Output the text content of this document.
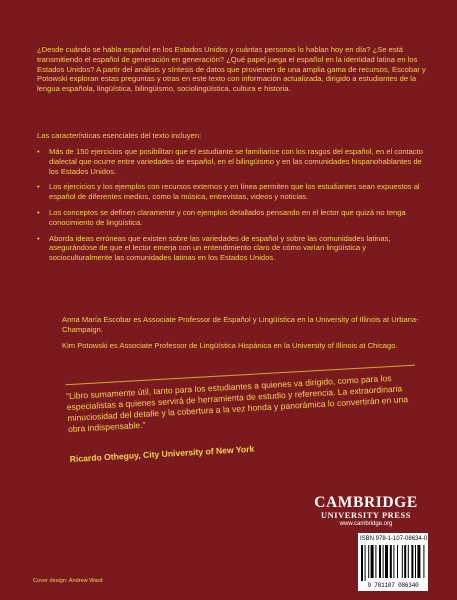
¿Desde cuándo se habla español en los Estados Unidos y cuántas personas lo hablan hoy en día? ¿Se está transmitiendo el español de generación en generación? ¿Qué papel juega el español en la identidad latina en los Estados Unidos? A partir del análisis y síntesis de datos que provienen de una amplia gama de recursos, Escobar y Potowski exploran estas preguntas y otras en este texto con información actualizada, dirigido a estudiantes de la lengua española, lingüística, bilingüismo, sociolingüística, cultura e historia.
Las características esenciales del texto incluyen:
• Más de 150 ejercicios que posibilitan que el estudiante se familiarice con los rasgos del español, en el contacto dialectal que ocurre entre variedades de español, en el bilingüismo y en las comunidades hispanohablantes de los Estados Unidos.
• Los ejercicios y los ejemplos con recursos externos y en línea permiten que los estudiantes sean expuestos al español de diferentes medios, como la música, entrevistas, videos y noticias.
• Los conceptos se definen claramente y con ejemplos detallados pensando en el lector que quizá no tenga conocimiento de lingüística.
• Aborda ideas erróneas que existen sobre las variedades de español y sobre las comunidades latinas, asegurándose de que el lector emerja con un entendimiento claro de cómo varían lingüística y socioculturalmente las comunidades latinas en los Estados Unidos.
Anna María Escobar es Associate Professor de Español y Lingüística en la University of Illinois at Urbana-Champaign.
Kim Potowski es Associate Professor de Lingüística Hispánica en la University of Illinois at Chicago.
“Libro sumamente útil, tanto para los estudiantes a quienes va dirigido, como para los especialistas a quienes servirá de herramienta de estudio y referencia. La extraordinaria minuciosidad del detalle y la cobertura a la vez honda y panorámica lo convertirán en una obra indispensable.”
Ricardo Otheguy, City University of New York
CAMBRIDGE
UNIVERSITY PRESS
www.cambridge.org
ISBN 978-1-107-08634-0
9 781107 086340
Cover design: Andrew Ward
